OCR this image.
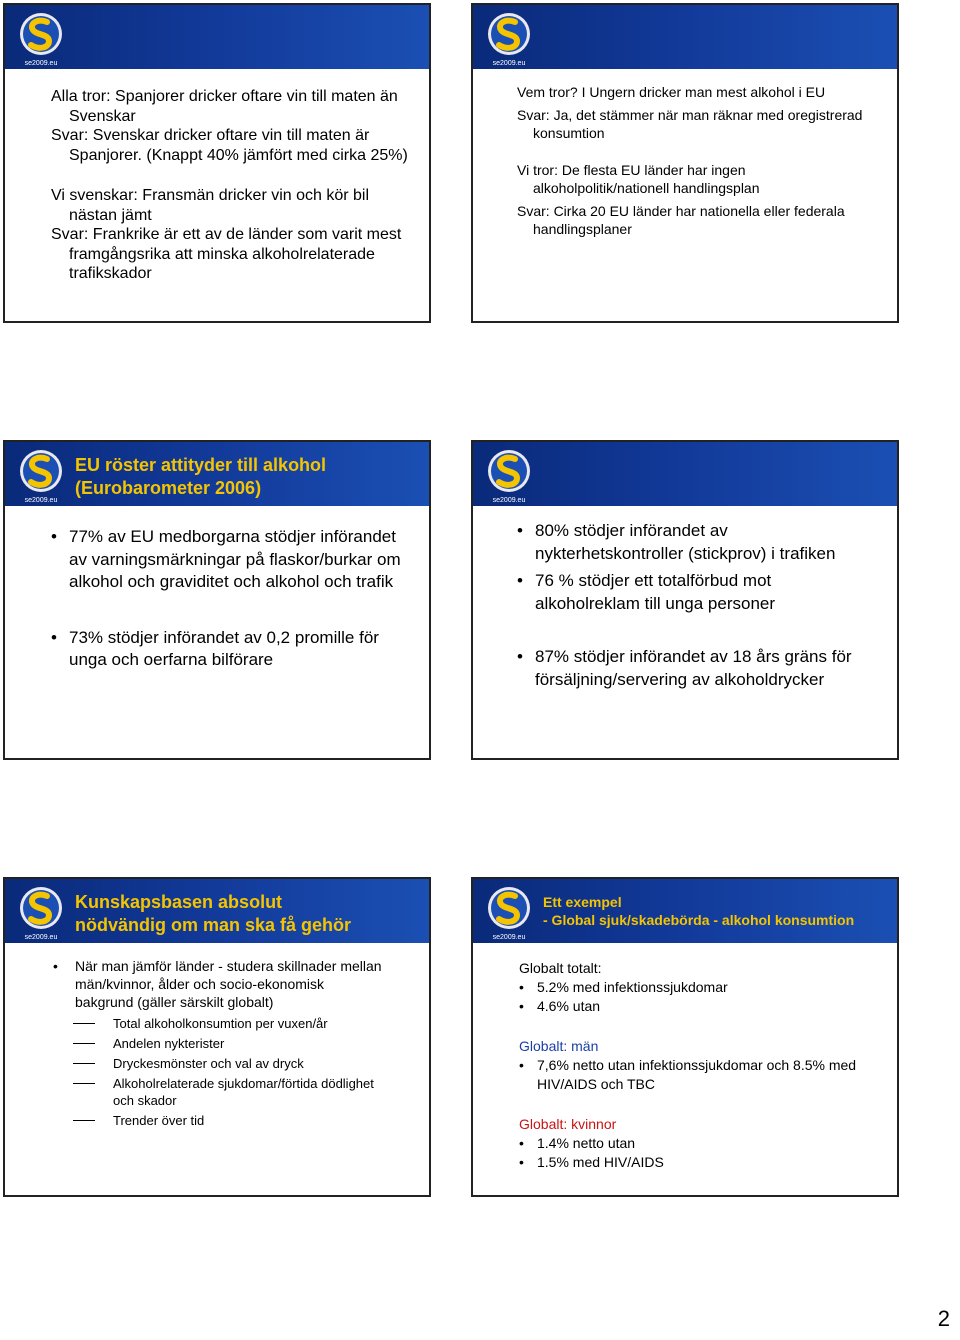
se2009.eu

Alla tror: Spanjorer dricker oftare vin till maten än Svenskar

Svar: Svenskar dricker oftare vin till maten är Spanjorer. (Knappt 40% jämfört med cirka 25%)

Vi svenskar: Fransmän dricker vin och kör bil nästan jämt

Svar: Frankrike är ett av de länder som varit mest framgångsrika att minska alkoholrelaterade trafikskador

se2009.eu

Vem tror? I Ungern dricker man mest alkohol i EU

Svar: Ja, det stämmer när man räknar med oregistrerad konsumtion

Vi tror: De flesta EU länder har ingen alkoholpolitik/nationell handlingsplan

Svar: Cirka 20 EU länder har nationella eller federala handlingsplaner

se2009.eu
EU röster attityder till alkohol
(Eurobarometer 2006)
• 77% av EU medborgarna stödjer införandet av varningsmärkningar på flaskor/burkar om alkohol och graviditet och alkohol och trafik
• 73% stödjer införandet av 0,2 promille för unga och oerfarna bilförare
se2009.eu
• 80% stödjer införandet av nykterhetskontroller (stickprov) i trafiken
• 76 % stödjer ett totalförbud mot alkoholreklam till unga personer
• 87% stödjer införandet av 18 års gräns för försäljning/servering av alkoholdrycker
se2009.eu
Kunskapsbasen absolut
nödvändig om man ska få gehör
• När man jämför länder - studera skillnader mellan män/kvinnor, ålder och socio-ekonomisk bakgrund (gäller särskilt globalt)
Total alkoholkonsumtion per vuxen/år
Andelen nykterister
Dryckesmönster och val av dryck
Alkoholrelaterade sjukdomar/förtida dödlighet och skador
Trender över tid
se2009.eu
Ett exempel
- Global sjuk/skadebörda - alkohol konsumtion

Globalt totalt:

• 5.2% med infektionssjukdomar
• 4.6% utan

Globalt: män

• 7,6% netto utan infektionssjukdomar och 8.5% med HIV/AIDS och TBC

Globalt: kvinnor

• 1.4% netto utan
• 1.5% med HIV/AIDS
2
